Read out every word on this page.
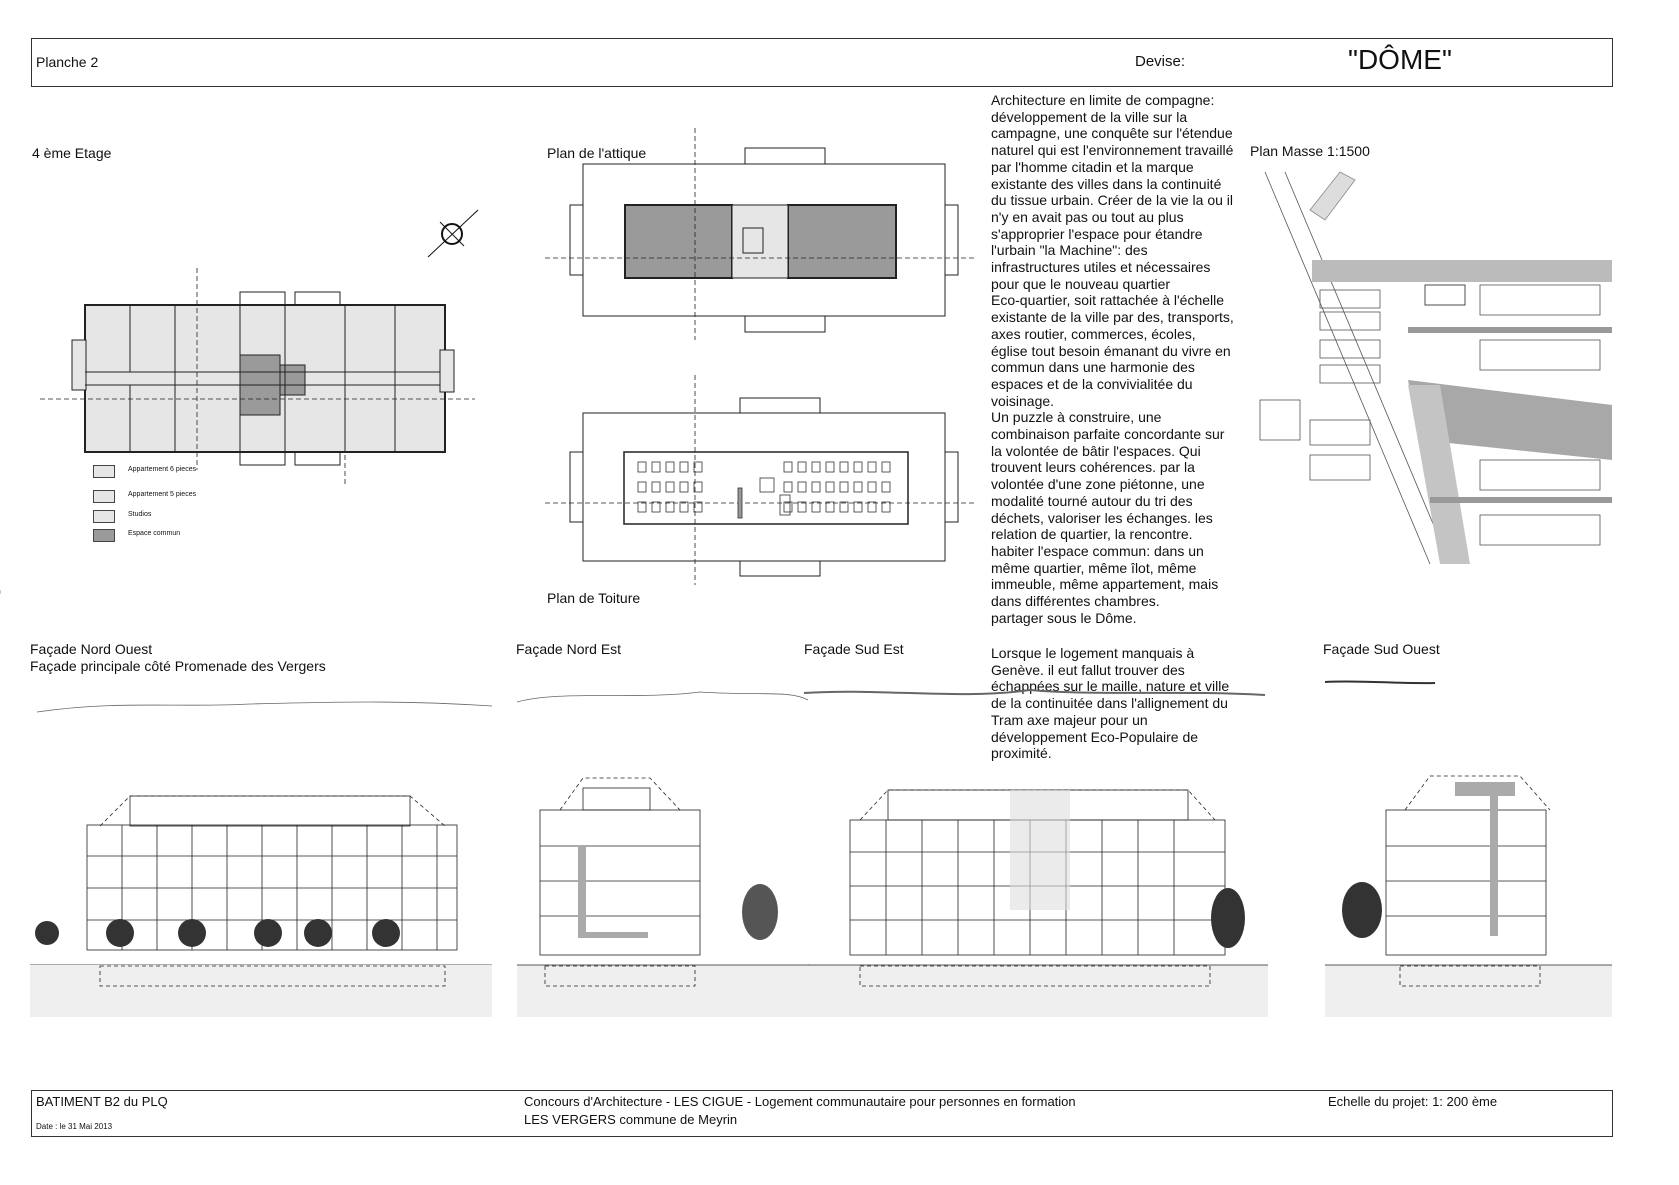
Planche 2	Devise:	"DÔME"
4 ème Etage	Plan de l'attique
Plan de Toiture
Plan Masse 1:1500
Appartement 6 pieces
Appartement 5 pieces
Studios
Espace commun
Architecture en limite de compagne:
développement de la ville sur la
campagne, une conquête sur l'étendue
naturel qui est l'environnement travaillé
par l'homme citadin et la marque
existante des villes dans la continuité
du tissue urbain. Créer de la vie la ou il
n'y en avait pas ou tout au plus
s'approprier l'espace pour étandre
l'urbain "la Machine": des
infrastructures utiles et nécessaires
pour que le nouveau quartier
Eco-quartier, soit rattachée à l'échelle
existante de la ville par des, transports,
axes routier, commerces, écoles,
église tout besoin émanant du vivre en
commun dans une harmonie des
espaces et de la convivialitée du
voisinage.
Un puzzle à construire, une
combinaison parfaite concordante sur
la volontée de bâtir l'espaces. Qui
trouvent leurs cohérences. par la
volontée d'une zone piétonne, une
modalité tourné autour du tri des
déchets, valoriser les échanges. les
relation de quartier, la rencontre.
habiter l'espace commun: dans un
même quartier, même îlot, même
immeuble, même appartement, mais
dans différentes chambres.
partager sous le Dôme.
Lorsque le logement manquais à
Genève. il eut fallut trouver des
échappées sur le maille, nature et ville
de la continuitée dans l'allignement du
Tram axe majeur pour un
développement Eco-Populaire de
proximité.
Façade Nord Ouest
Façade principale côté Promenade des Vergers
Façade Nord Est	Façade Sud Est	Façade Sud Ouest
BATIMENT B2 du PLQ
Date : le 31 Mai 2013
Concours d'Architecture - LES CIGUE - Logement communautaire pour personnes en formation
LES VERGERS commune de Meyrin
Echelle du projet: 1: 200 ème
